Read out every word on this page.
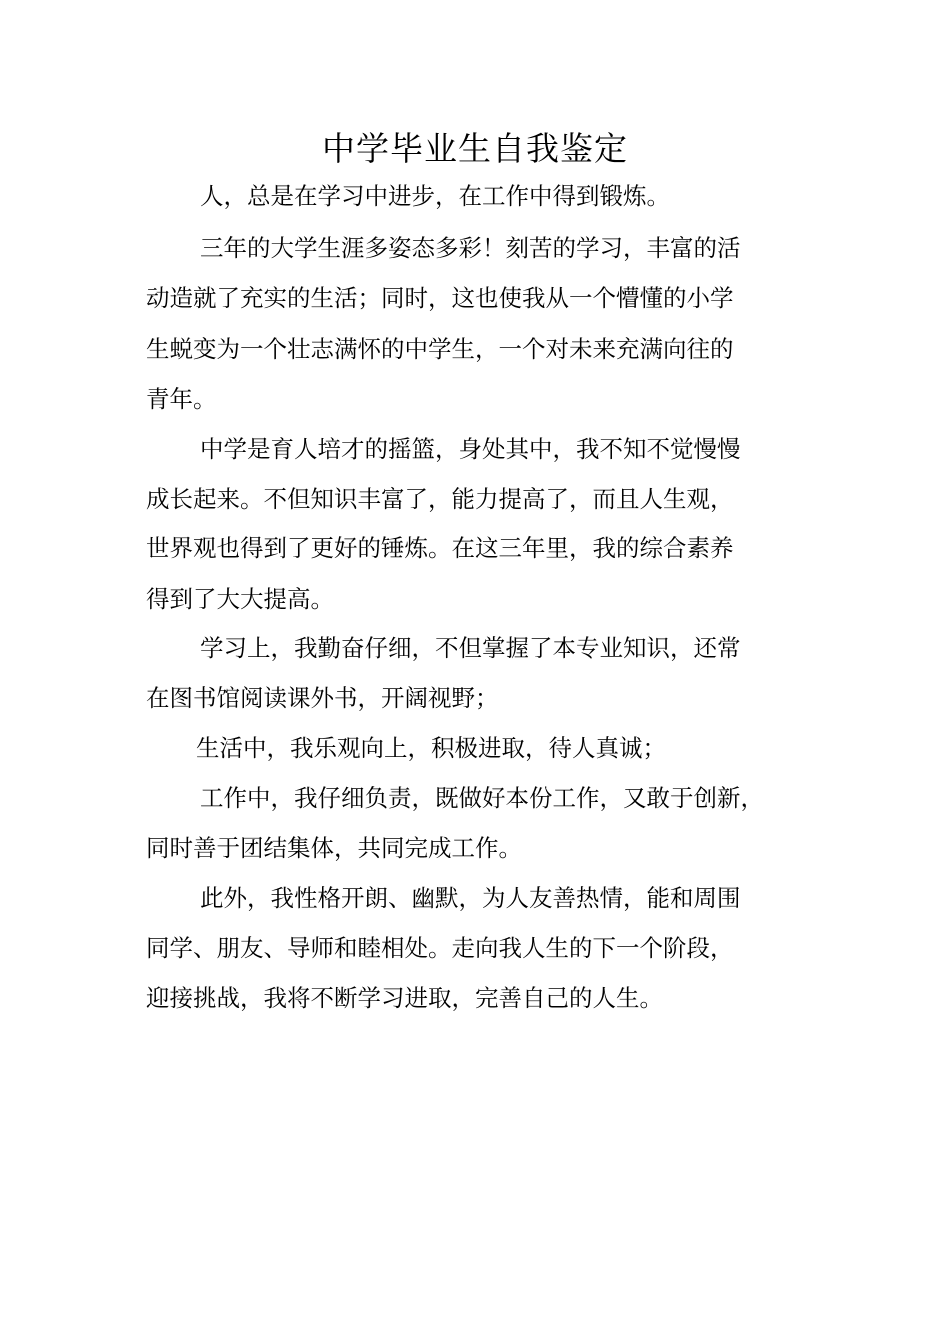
中学毕业生自我鉴定

人，总是在学习中进步，在工作中得到锻炼。

三年的大学生涯多姿态多彩！刻苦的学习，丰富的活

动造就了充实的生活；同时，这也使我从一个懵懂的小学

生蜕变为一个壮志满怀的中学生，一个对未来充满向往的

青年。

中学是育人培才的摇篮，身处其中，我不知不觉慢慢

成长起来。不但知识丰富了，能力提高了，而且人生观，

世界观也得到了更好的锤炼。在这三年里，我的综合素养

得到了大大提高。

学习上，我勤奋仔细，不但掌握了本专业知识，还常

在图书馆阅读课外书，开阔视野；

生活中，我乐观向上，积极进取，待人真诚；

工作中，我仔细负责，既做好本份工作，又敢于创新，

同时善于团结集体，共同完成工作。

此外，我性格开朗、幽默，为人友善热情，能和周围

同学、朋友、导师和睦相处。走向我人生的下一个阶段，

迎接挑战，我将不断学习进取，完善自己的人生。
